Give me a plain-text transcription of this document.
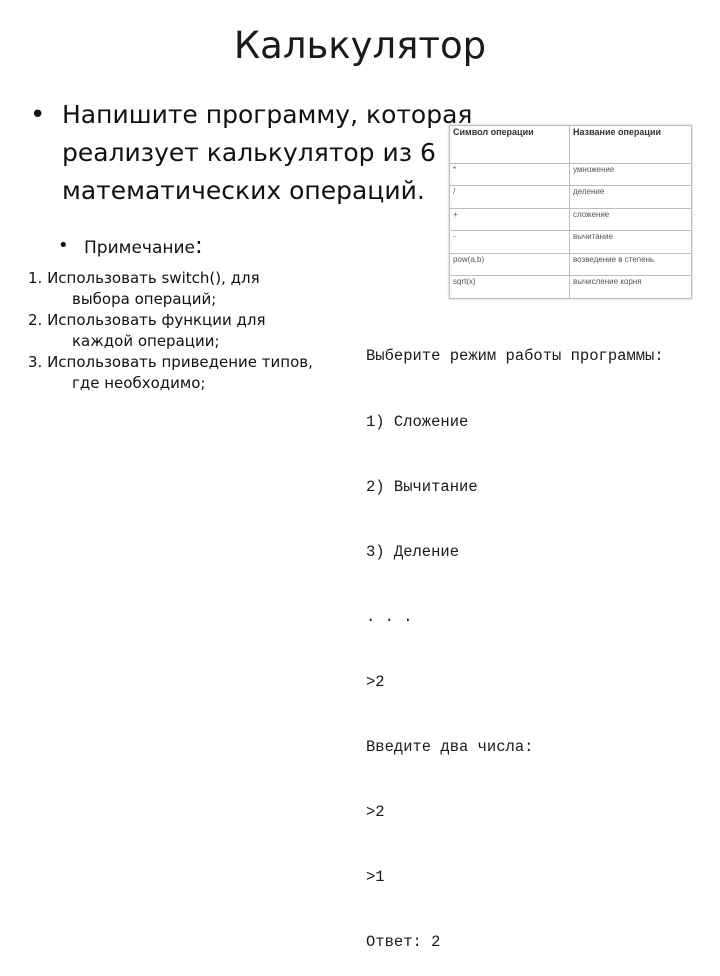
Калькулятор
• Напишите программу, которая
реализует калькулятор из 6
математических операций.
• Примечание:
1. Использовать switch(), для
выбора операций;
2. Использовать функции для
каждой операции;
3. Использовать приведение типов,
где необходимо;
Символ операции	Название операции
*	умножение
/	деление
+	сложение
-	вычитание
pow(a,b)	возведение в степень
sqrt(x)	вычисление корня

Выберите режим работы программы:

1) Сложение

2) Вычитание

3) Деление

. . .

>2

Введите два числа:

>2

>1

Ответ: 2
